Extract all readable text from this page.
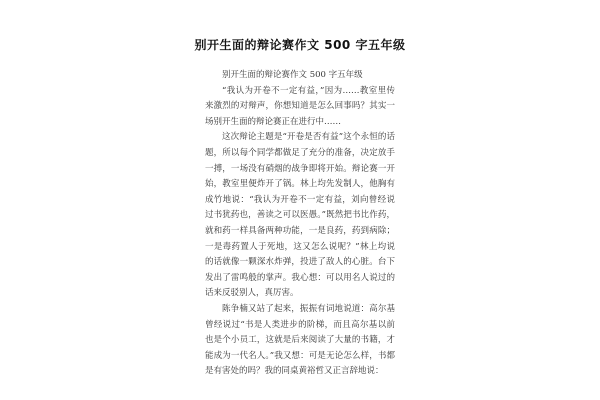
别开生面的辩论赛作文 500 字五年级

别开生面的辩论赛作文 500 字五年级

“我认为开卷不一定有益，”因为……教室里传来激烈的对辩声，你想知道是怎么回事吗？其实一场别开生面的辩论赛正在进行中……

这次辩论主题是“开卷是否有益”这个永恒的话题，所以每个同学都做足了充分的准备，决定放手一搏，一场没有硝烟的战争即将开始。辩论赛一开始，教室里便炸开了锅。林上均先发制人，他胸有成竹地说：“我认为开卷不一定有益，刘向曾经说过书犹药也，善读之可以医愚。”既然把书比作药，就和药一样具备两种功能，一是良药，药到病除；一是毒药置人于死地，这又怎么说呢？”林上均说的话就像一颗深水炸弹，投进了敌人的心脏。台下发出了雷鸣般的掌声。我心想：可以用名人说过的话来反驳别人，真厉害。

陈争楠又站了起来，振振有词地说道：高尔基曾经说过“书是人类进步的阶梯，而且高尔基以前也是个小员工，这就是后来阅读了大量的书籍，才能成为一代名人。”我又想：可是无论怎么样，书都是有害处的吗？我的同桌黄裕哲又正言辞地说：
